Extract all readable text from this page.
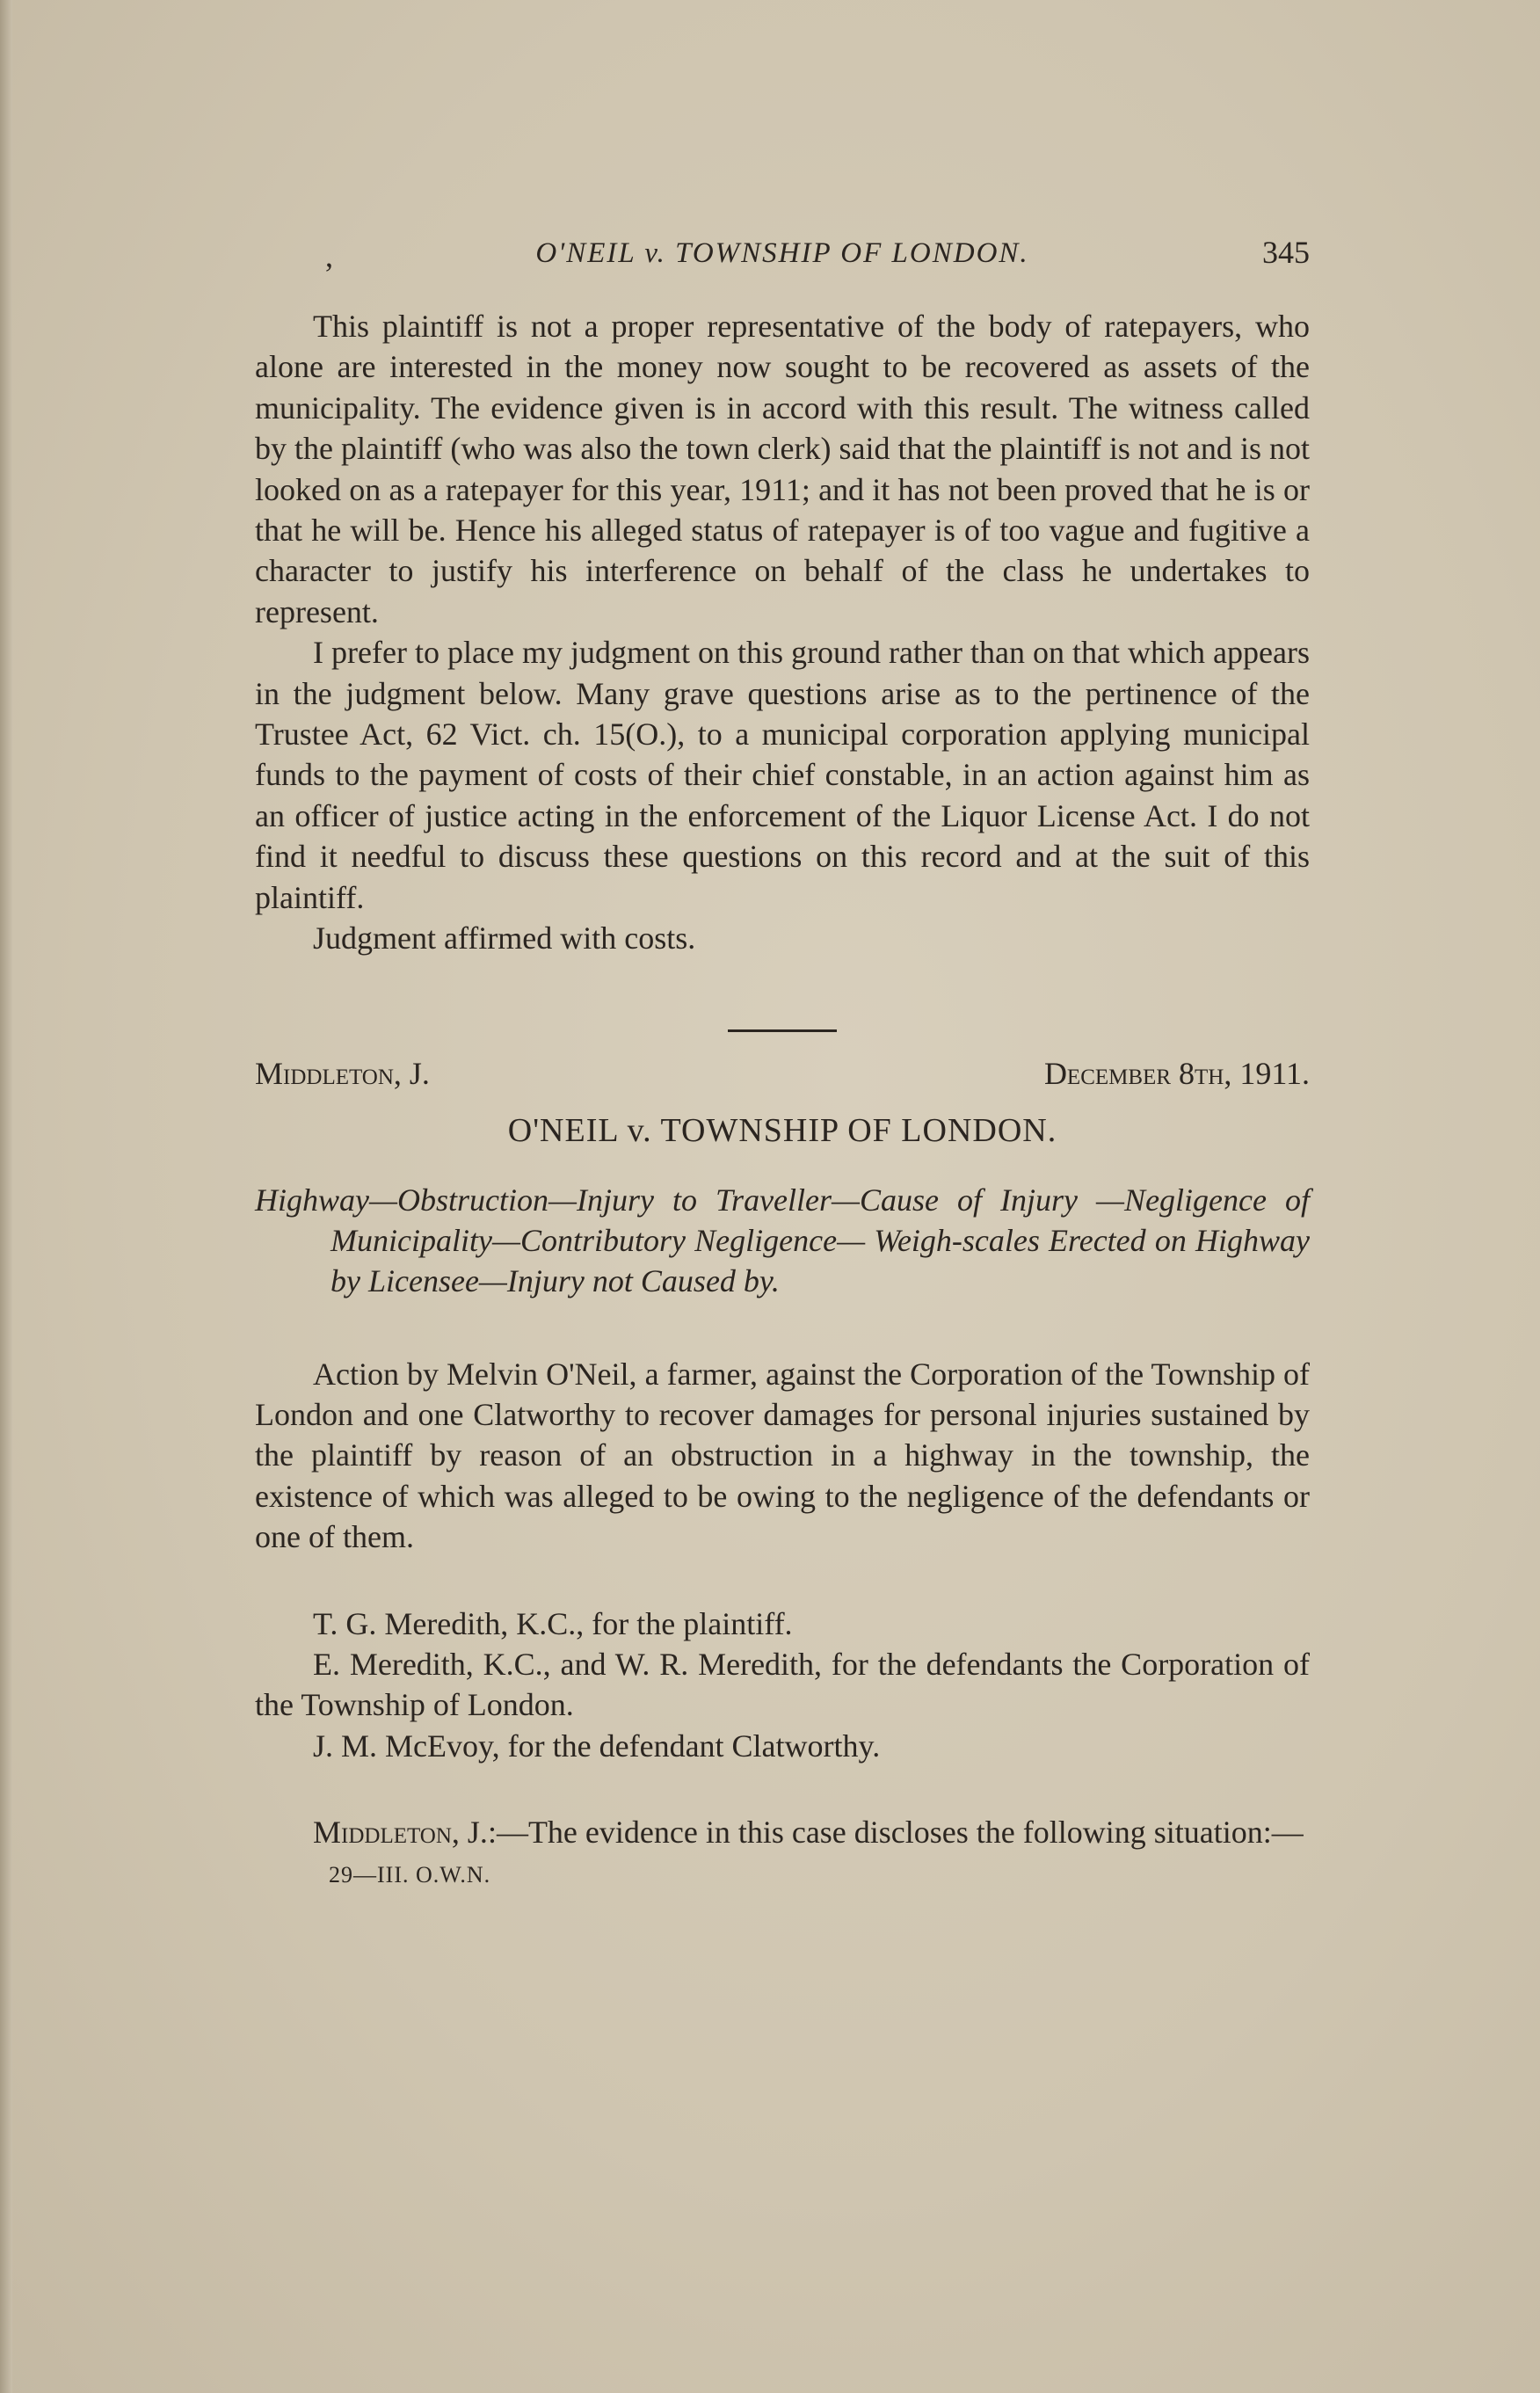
,	O'NEIL v. TOWNSHIP OF LONDON.	345

This plaintiff is not a proper representative of the body of ratepayers, who alone are interested in the money now sought to be recovered as assets of the municipality. The evidence given is in accord with this result. The witness called by the plaintiff (who was also the town clerk) said that the plaintiff is not and is not looked on as a ratepayer for this year, 1911; and it has not been proved that he is or that he will be. Hence his alleged status of ratepayer is of too vague and fugitive a character to justify his interference on behalf of the class he undertakes to represent.

I prefer to place my judgment on this ground rather than on that which appears in the judgment below. Many grave questions arise as to the pertinence of the Trustee Act, 62 Vict. ch. 15(O.), to a municipal corporation applying municipal funds to the payment of costs of their chief constable, in an action against him as an officer of justice acting in the enforcement of the Liquor License Act. I do not find it needful to discuss these questions on this record and at the suit of this plaintiff.

Judgment affirmed with costs.

Middleton, J.	December 8th, 1911.
O'NEIL v. TOWNSHIP OF LONDON.
Highway—Obstruction—Injury to Traveller—Cause of Injury —Negligence of Municipality—Contributory Negligence— Weigh-scales Erected on Highway by Licensee—Injury not Caused by.

Action by Melvin O'Neil, a farmer, against the Corporation of the Township of London and one Clatworthy to recover damages for personal injuries sustained by the plaintiff by reason of an obstruction in a highway in the township, the existence of which was alleged to be owing to the negligence of the defendants or one of them.

T. G. Meredith, K.C., for the plaintiff.

E. Meredith, K.C., and W. R. Meredith, for the defendants the Corporation of the Township of London.

J. M. McEvoy, for the defendant Clatworthy.

Middleton, J.:—The evidence in this case discloses the following situation:—

29—III. O.W.N.
